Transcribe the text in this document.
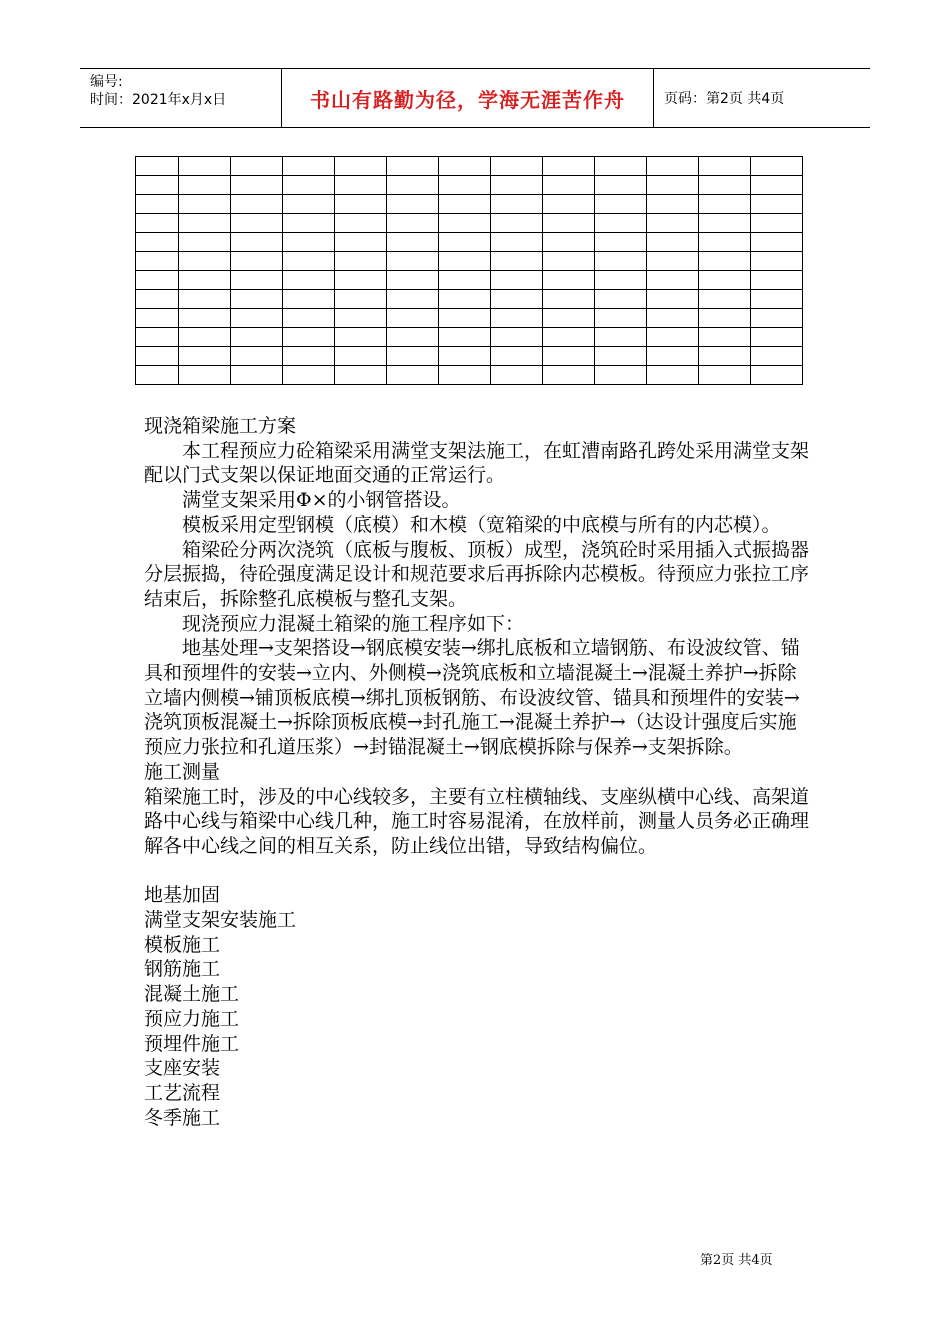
编号:
时间：2021年x月x日	书山有路勤为径，学海无涯苦作舟	页码：第2页 共4页

现浇箱梁施工方案

本工程预应力砼箱梁采用满堂支架法施工，在虹漕南路孔跨处采用满堂支架配以门式支架以保证地面交通的正常运行。

满堂支架采用Φ×的小钢管搭设。

模板采用定型钢模（底模）和木模（宽箱梁的中底模与所有的内芯模）。

箱梁砼分两次浇筑（底板与腹板、顶板）成型，浇筑砼时采用插入式振捣器分层振捣，待砼强度满足设计和规范要求后再拆除内芯模板。待预应力张拉工序结束后，拆除整孔底模板与整孔支架。

现浇预应力混凝土箱梁的施工程序如下：

地基处理→支架搭设→钢底模安装→绑扎底板和立墙钢筋、布设波纹管、锚具和预埋件的安装→立内、外侧模→浇筑底板和立墙混凝土→混凝土养护→拆除立墙内侧模→铺顶板底模→绑扎顶板钢筋、布设波纹管、锚具和预埋件的安装→浇筑顶板混凝土→拆除顶板底模→封孔施工→混凝土养护→（达设计强度后实施预应力张拉和孔道压浆）→封锚混凝土→钢底模拆除与保养→支架拆除。

施工测量

箱梁施工时，涉及的中心线较多，主要有立柱横轴线、支座纵横中心线、高架道路中心线与箱梁中心线几种，施工时容易混淆，在放样前，测量人员务必正确理解各中心线之间的相互关系，防止线位出错，导致结构偏位。

地基加固

满堂支架安装施工

模板施工

钢筋施工

混凝土施工

预应力施工

预埋件施工

支座安装

工艺流程

冬季施工

第2页 共4页
